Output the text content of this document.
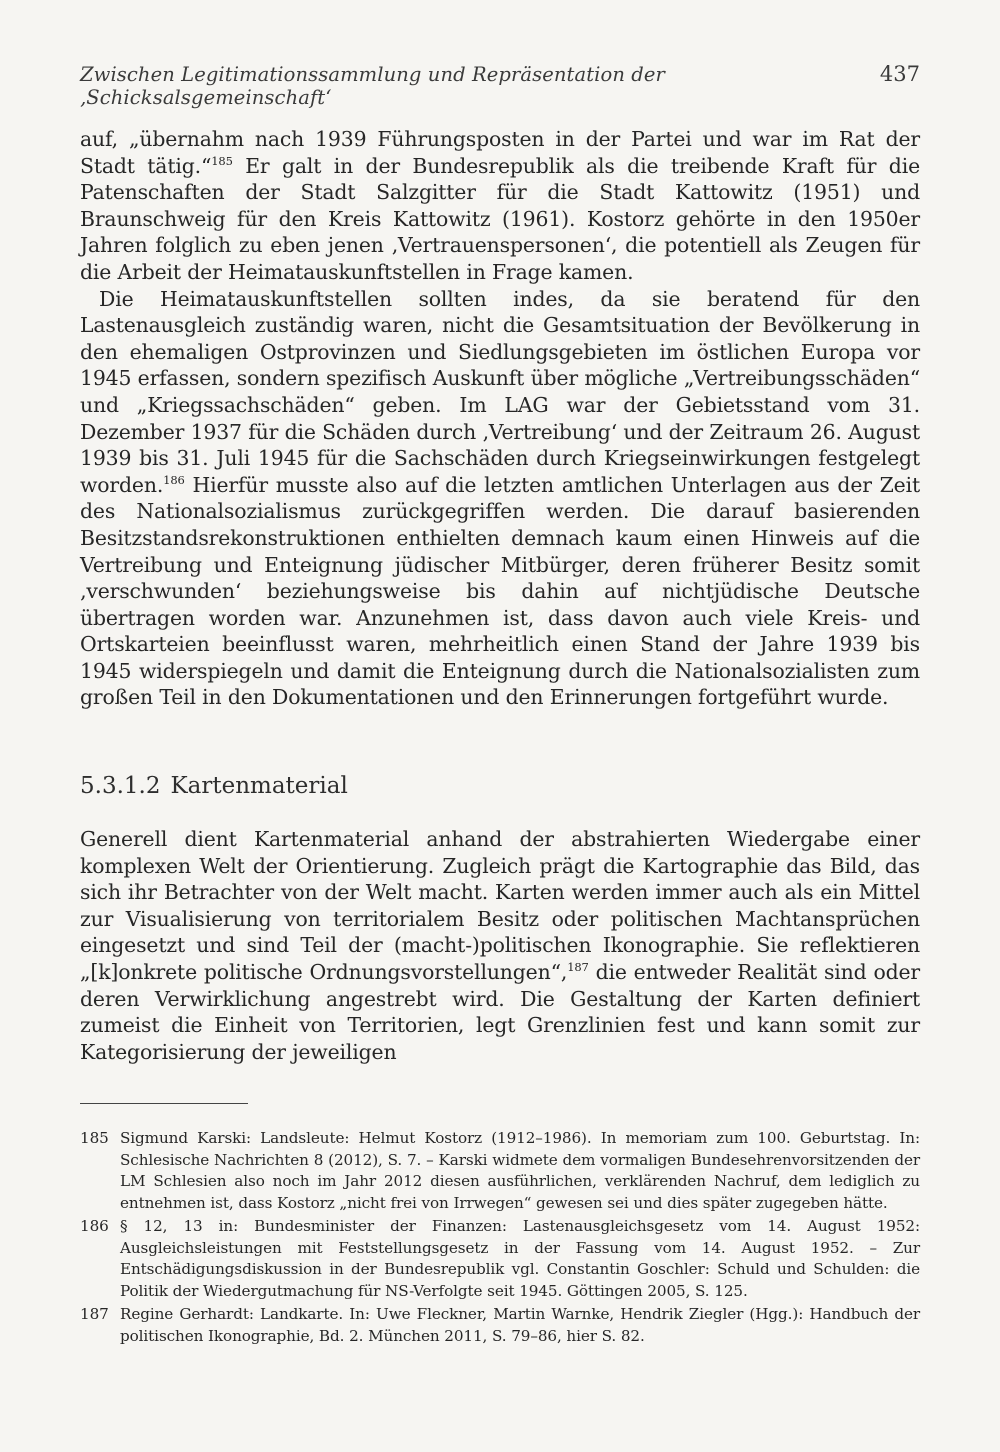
Zwischen Legitimationssammlung und Repräsentation der ‚Schicksalsgemeinschaft‘
437

auf, „übernahm nach 1939 Führungsposten in der Partei und war im Rat der Stadt tätig.“$^{185}$ Er galt in der Bundesrepublik als die treibende Kraft für die Patenschaften der Stadt Salzgitter für die Stadt Kattowitz (1951) und Braunschweig für den Kreis Kattowitz (1961). Kostorz gehörte in den 1950er Jahren folglich zu eben jenen ‚Vertrauenspersonen‘, die potentiell als Zeugen für die Arbeit der Heimatauskunftstellen in Frage kamen.

Die Heimatauskunftstellen sollten indes, da sie beratend für den Lastenausgleich zuständig waren, nicht die Gesamtsituation der Bevölkerung in den ehemaligen Ostprovinzen und Siedlungsgebieten im östlichen Europa vor 1945 erfassen, sondern spezifisch Auskunft über mögliche „Vertreibungsschäden“ und „Kriegssachschäden“ geben. Im LAG war der Gebietsstand vom 31. Dezember 1937 für die Schäden durch ‚Vertreibung‘ und der Zeitraum 26. August 1939 bis 31. Juli 1945 für die Sachschäden durch Kriegseinwirkungen festgelegt worden.$^{186}$ Hierfür musste also auf die letzten amtlichen Unterlagen aus der Zeit des Nationalsozialismus zurückgegriffen werden. Die darauf basierenden Besitzstandsrekonstruktionen enthielten demnach kaum einen Hinweis auf die Vertreibung und Enteignung jüdischer Mitbürger, deren früherer Besitz somit ‚verschwunden‘ beziehungsweise bis dahin auf nichtjüdische Deutsche übertragen worden war. Anzunehmen ist, dass davon auch viele Kreis- und Ortskarteien beeinflusst waren, mehrheitlich einen Stand der Jahre 1939 bis 1945 widerspiegeln und damit die Enteignung durch die Nationalsozialisten zum großen Teil in den Dokumentationen und den Erinnerungen fortgeführt wurde.

5.3.1.2 Kartenmaterial

Generell dient Kartenmaterial anhand der abstrahierten Wiedergabe einer komplexen Welt der Orientierung. Zugleich prägt die Kartographie das Bild, das sich ihr Betrachter von der Welt macht. Karten werden immer auch als ein Mittel zur Visualisierung von territorialem Besitz oder politischen Machtansprüchen eingesetzt und sind Teil der (macht-)politischen Ikonographie. Sie reflektieren „[k]onkrete politische Ordnungsvorstellungen“,$^{187}$ die entweder Realität sind oder deren Verwirklichung angestrebt wird. Die Gestaltung der Karten definiert zumeist die Einheit von Territorien, legt Grenzlinien fest und kann somit zur Kategorisierung der jeweiligen

185 Sigmund Karski: Landsleute: Helmut Kostorz (1912–1986). In memoriam zum 100. Geburtstag. In: Schlesische Nachrichten 8 (2012), S. 7. – Karski widmete dem vormaligen Bundesehrenvorsitzenden der LM Schlesien also noch im Jahr 2012 diesen ausführlichen, verklärenden Nachruf, dem lediglich zu entnehmen ist, dass Kostorz „nicht frei von Irrwegen“ gewesen sei und dies später zugegeben hätte.
186 § 12, 13 in: Bundesminister der Finanzen: Lastenausgleichsgesetz vom 14. August 1952: Ausgleichsleistungen mit Feststellungsgesetz in der Fassung vom 14. August 1952. – Zur Entschädigungsdiskussion in der Bundesrepublik vgl. Constantin Goschler: Schuld und Schulden: die Politik der Wiedergutmachung für NS-Verfolgte seit 1945. Göttingen 2005, S. 125.
187 Regine Gerhardt: Landkarte. In: Uwe Fleckner, Martin Warnke, Hendrik Ziegler (Hgg.): Handbuch der politischen Ikonographie, Bd. 2. München 2011, S. 79–86, hier S. 82.
